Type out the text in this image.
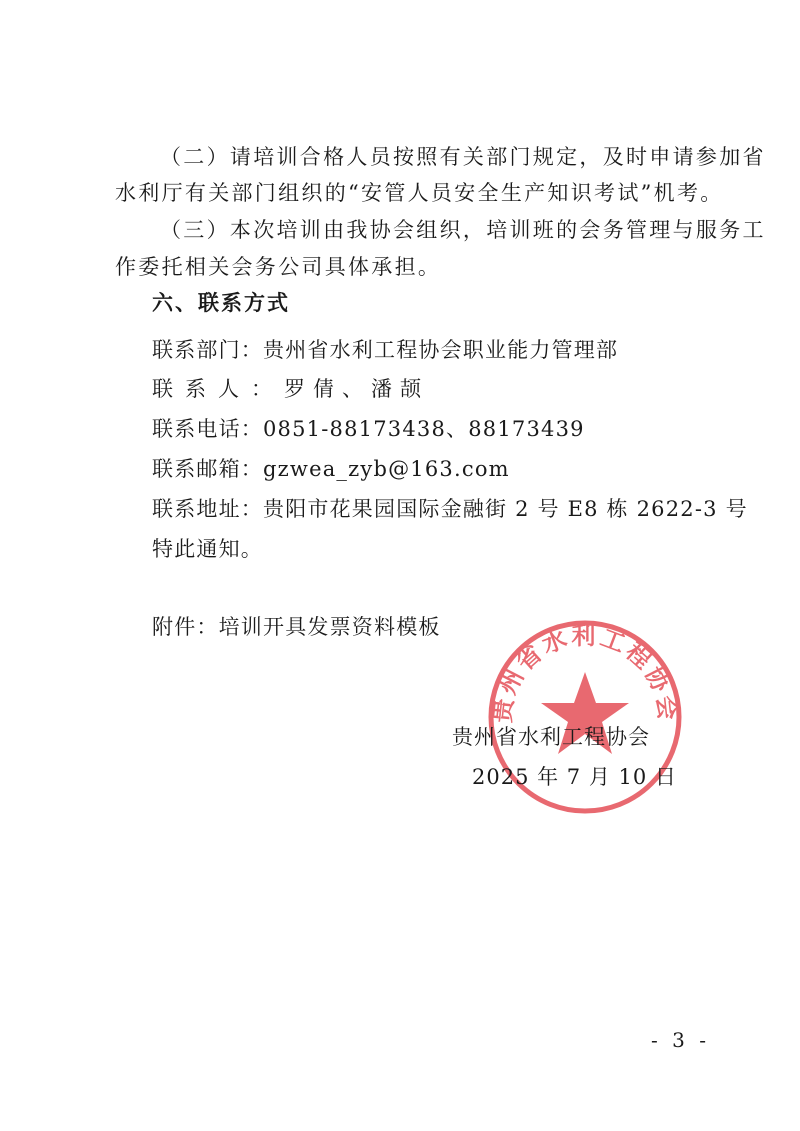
（二）请培训合格人员按照有关部门规定，及时申请参加省
水利厅有关部门组织的“安管人员安全生产知识考试”机考。
（三）本次培训由我协会组织，培训班的会务管理与服务工
作委托相关会务公司具体承担。
六、联系方式
联系部门：贵州省水利工程协会职业能力管理部
联系人：罗倩、潘颉
联系电话：0851-88173438、88173439
联系邮箱：gzwea_zyb@163.com
联系地址：贵阳市花果园国际金融街 2 号 E8 栋 2622-3 号
特此通知。
附件：培训开具发票资料模板
贵州省水利工程协会
贵州省水利工程协会
2025 年 7 月 10 日
- 3 -
